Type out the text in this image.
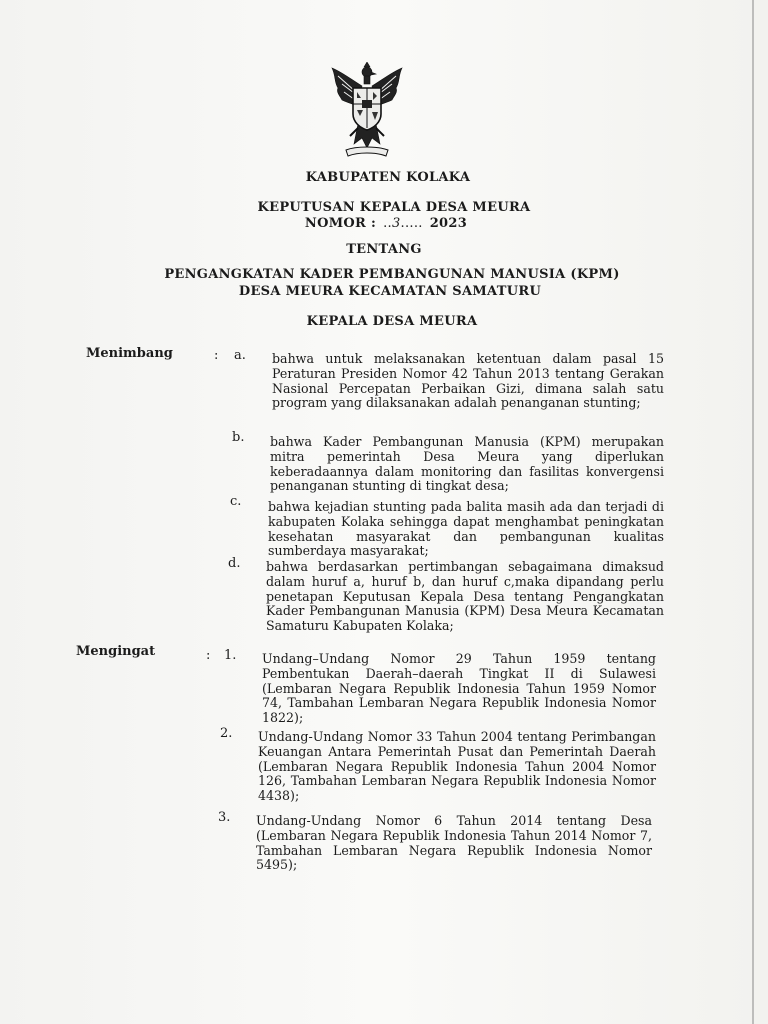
KABUPATEN KOLAKA
KEPUTUSAN KEPALA DESA MEURA
NOMOR : ..3..... 2023
TENTANG
PENGANGKATAN KADER PEMBANGUNAN MANUSIA (KPM)
DESA MEURA KECAMATAN SAMATURU
KEPALA DESA MEURA
Menimbang	: a. bahwa untuk melaksanakan ketentuan dalam pasal 15 Peraturan Presiden Nomor 42 Tahun 2013 tentang Gerakan Nasional Percepatan Perbaikan Gizi, dimana salah satu program yang dilaksanakan adalah penanganan stunting;
b. bahwa Kader Pembangunan Manusia (KPM) merupakan mitra pemerintah Desa Meura yang diperlukan keberadaannya dalam monitoring dan fasilitas konvergensi penanganan stunting di tingkat desa;
c. bahwa kejadian stunting pada balita masih ada dan terjadi di kabupaten Kolaka sehingga dapat menghambat peningkatan kesehatan masyarakat dan pembangunan kualitas sumberdaya masyarakat;
d. bahwa berdasarkan pertimbangan sebagaimana dimaksud dalam huruf a, huruf b, dan huruf c,maka dipandang perlu penetapan Keputusan Kepala Desa tentang Pengangkatan Kader Pembangunan Manusia (KPM) Desa Meura Kecamatan Samaturu Kabupaten Kolaka;
Mengingat	: 1. Undang–Undang Nomor 29 Tahun 1959 tentang Pembentukan Daerah–daerah Tingkat II di Sulawesi (Lembaran Negara Republik Indonesia Tahun 1959 Nomor 74, Tambahan Lembaran Negara Republik Indonesia Nomor 1822);
2. Undang-Undang Nomor 33 Tahun 2004 tentang Perimbangan Keuangan Antara Pemerintah Pusat dan Pemerintah Daerah (Lembaran Negara Republik Indonesia Tahun 2004 Nomor 126, Tambahan Lembaran Negara Republik Indonesia Nomor 4438);
3. Undang-Undang Nomor 6 Tahun 2014 tentang Desa (Lembaran Negara Republik Indonesia Tahun 2014 Nomor 7, Tambahan Lembaran Negara Republik Indonesia Nomor 5495);
